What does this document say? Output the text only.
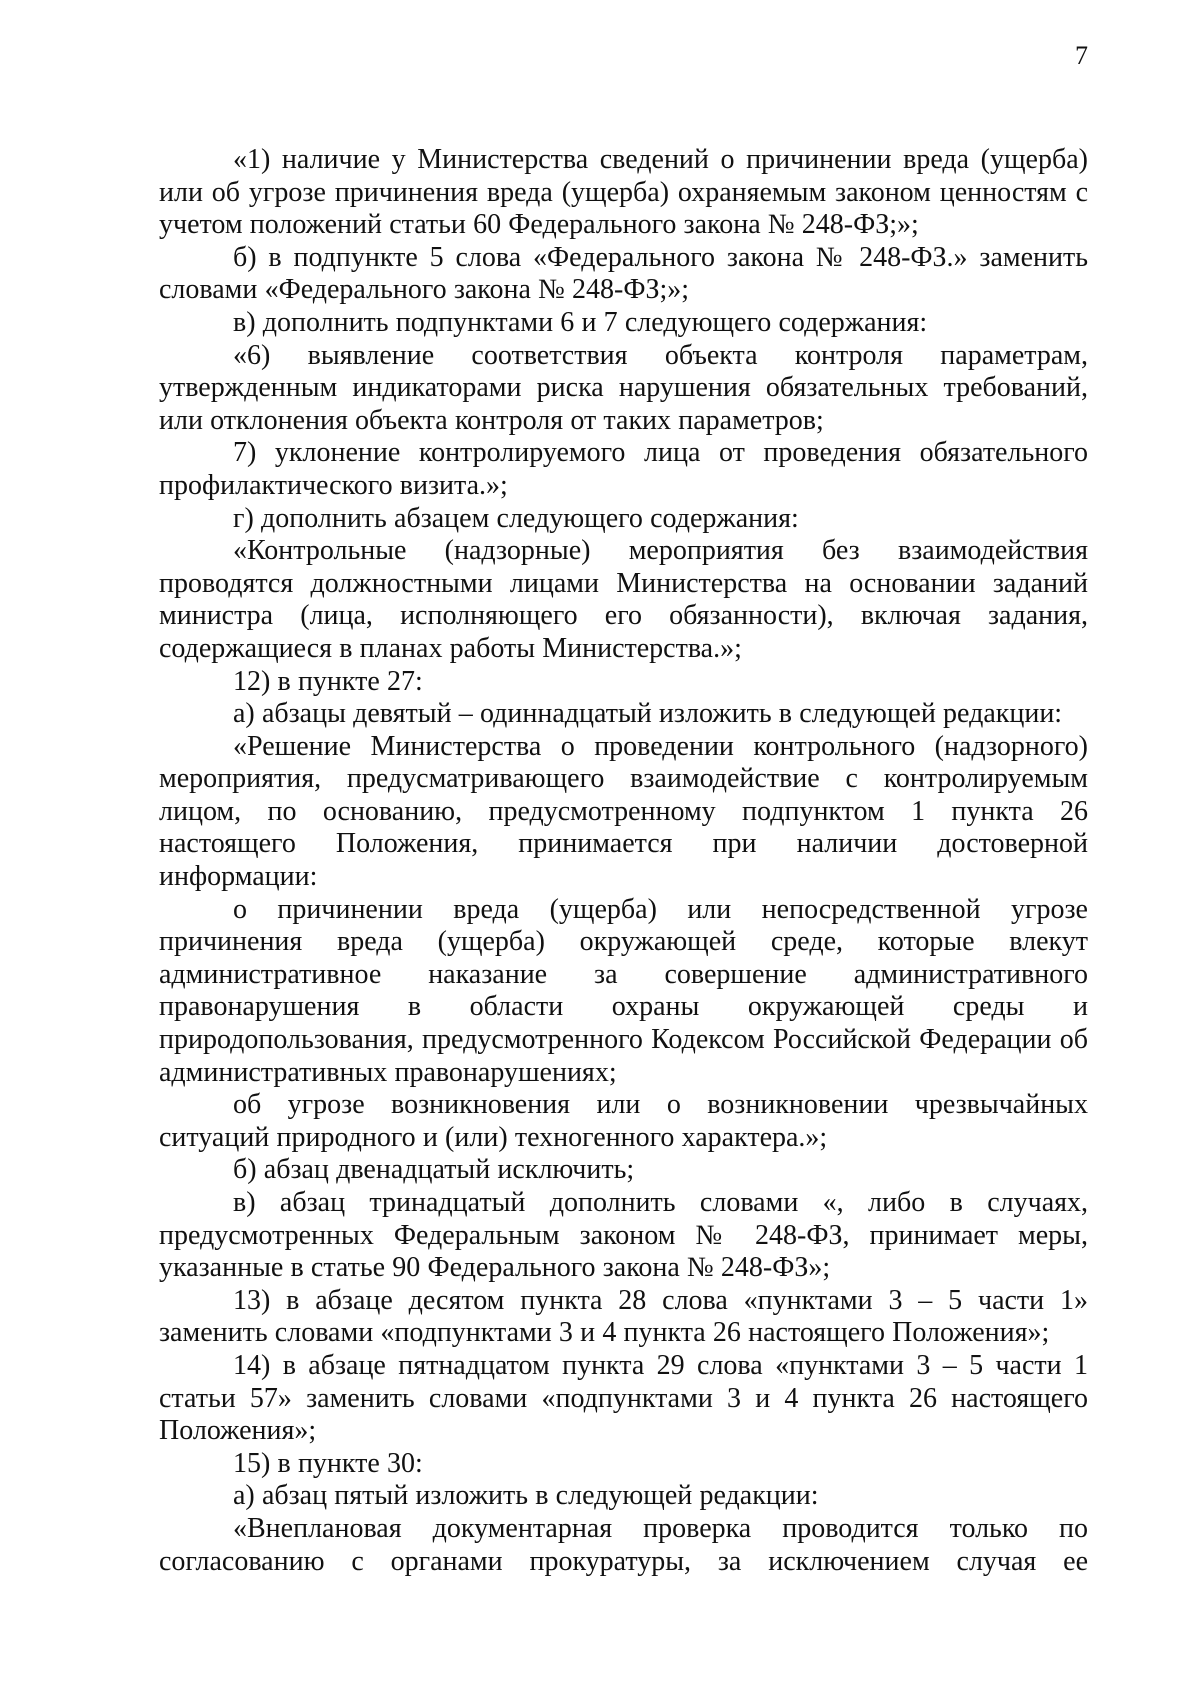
7

«1) наличие у Министерства сведений о причинении вреда (ущерба) или об угрозе причинения вреда (ущерба) охраняемым законом ценностям с учетом положений статьи 60 Федерального закона № 248-ФЗ;»;

б) в подпункте 5 слова «Федерального закона № 248-ФЗ.» заменить словами «Федерального закона № 248-ФЗ;»;

в) дополнить подпунктами 6 и 7 следующего содержания:

«6) выявление соответствия объекта контроля параметрам, утвержденным индикаторами риска нарушения обязательных требований, или отклонения объекта контроля от таких параметров;

7) уклонение контролируемого лица от проведения обязательного профилактического визита.»;

г) дополнить абзацем следующего содержания:

«Контрольные (надзорные) мероприятия без взаимодействия проводятся должностными лицами Министерства на основании заданий министра (лица, исполняющего его обязанности), включая задания, содержащиеся в планах работы Министерства.»;

12) в пункте 27:

а) абзацы девятый – одиннадцатый изложить в следующей редакции:

«Решение Министерства о проведении контрольного (надзорного) мероприятия, предусматривающего взаимодействие с контролируемым лицом, по основанию, предусмотренному подпунктом 1 пункта 26 настоящего Положения, принимается при наличии достоверной информации:

о причинении вреда (ущерба) или непосредственной угрозе причинения вреда (ущерба) окружающей среде, которые влекут административное наказание за совершение административного правонарушения в области охраны окружающей среды и природопользования, предусмотренного Кодексом Российской Федерации об административных правонарушениях;

об угрозе возникновения или о возникновении чрезвычайных ситуаций природного и (или) техногенного характера.»;

б) абзац двенадцатый исключить;

в) абзац тринадцатый дополнить словами «, либо в случаях, предусмотренных Федеральным законом № 248-ФЗ, принимает меры, указанные в статье 90 Федерального закона № 248-ФЗ»;

13) в абзаце десятом пункта 28 слова «пунктами 3 – 5 части 1» заменить словами «подпунктами 3 и 4 пункта 26 настоящего Положения»;

14) в абзаце пятнадцатом пункта 29 слова «пунктами 3 – 5 части 1 статьи 57» заменить словами «подпунктами 3 и 4 пункта 26 настоящего Положения»;

15) в пункте 30:

а) абзац пятый изложить в следующей редакции:

«Внеплановая документарная проверка проводится только по согласованию с органами прокуратуры, за исключением случая ее
